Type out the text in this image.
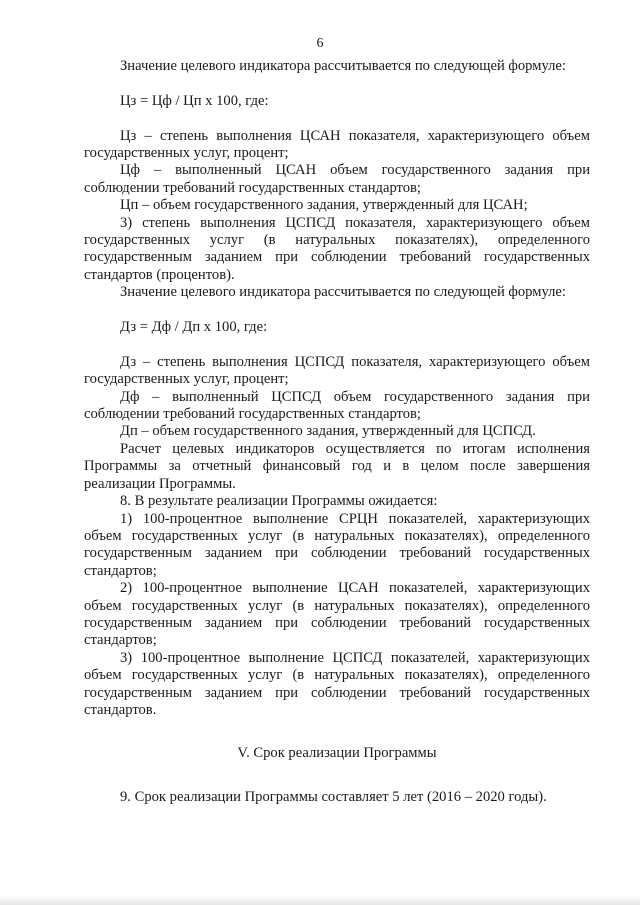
6

Значение целевого индикатора рассчитывается по следующей формуле:

Цз = Цф / Цп х 100, где:

Цз – степень выполнения ЦСАН показателя, характеризующего объем государственных услуг, процент;

Цф – выполненный ЦСАН объем государственного задания при соблюдении требований государственных стандартов;

Цп – объем государственного задания, утвержденный для ЦСАН;

3) степень выполнения ЦСПСД показателя, характеризующего объем государственных услуг (в натуральных показателях), определенного государственным заданием при соблюдении требований государственных стандартов (процентов).

Значение целевого индикатора рассчитывается по следующей формуле:

Дз = Дф / Дп х 100, где:

Дз – степень выполнения ЦСПСД показателя, характеризующего объем государственных услуг, процент;

Дф – выполненный ЦСПСД объем государственного задания при соблюдении требований государственных стандартов;

Дп – объем государственного задания, утвержденный для ЦСПСД.

Расчет целевых индикаторов осуществляется по итогам исполнения Программы за отчетный финансовый год и в целом после завершения реализации Программы.

8. В результате реализации Программы ожидается:

1) 100-процентное выполнение СРЦН показателей, характеризующих объем государственных услуг (в натуральных показателях), определенного государственным заданием при соблюдении требований государственных стандартов;

2) 100-процентное выполнение ЦСАН показателей, характеризующих объем государственных услуг (в натуральных показателях), определенного государственным заданием при соблюдении требований государственных стандартов;

3) 100-процентное выполнение ЦСПСД показателей, характеризующих объем государственных услуг (в натуральных показателях), определенного государственным заданием при соблюдении требований государственных стандартов.

V. Срок реализации Программы

9. Срок реализации Программы составляет 5 лет (2016 – 2020 годы).
